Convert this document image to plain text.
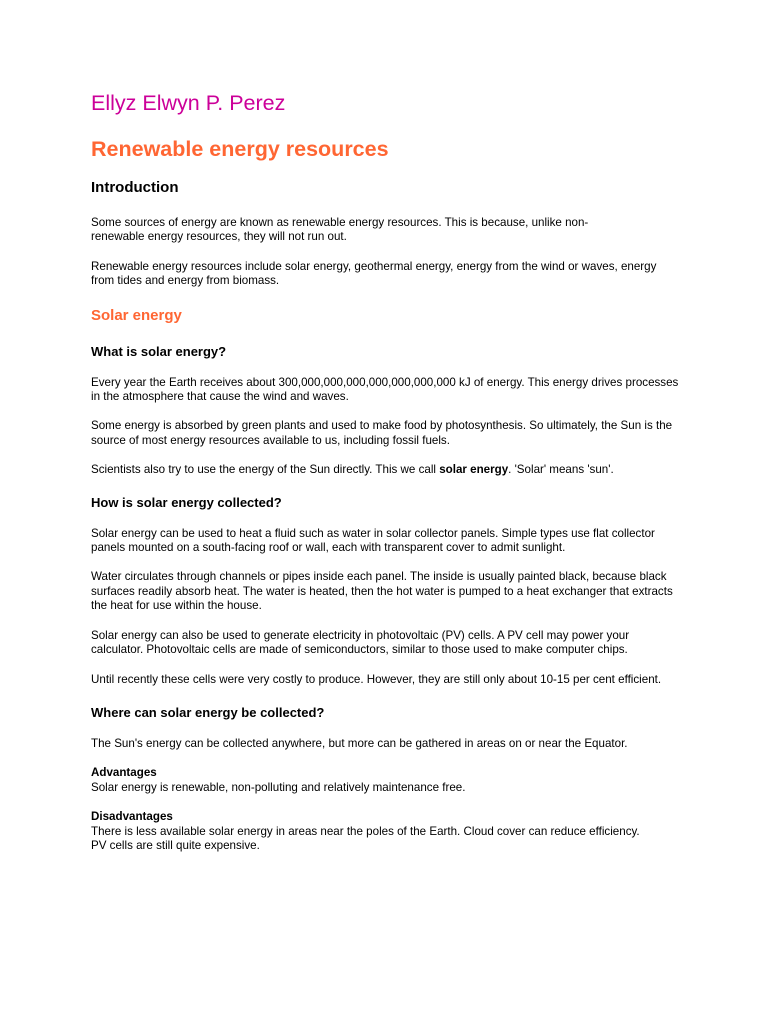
Ellyz Elwyn P. Perez
Renewable energy resources
Introduction

Some sources of energy are known as renewable energy resources. This is because, unlike non-renewable energy resources, they will not run out.

Renewable energy resources include solar energy, geothermal energy, energy from the wind or waves, energy from tides and energy from biomass.

Solar energy
What is solar energy?

Every year the Earth receives about 300,000,000,000,000,000,000,000 kJ of energy. This energy drives processes in the atmosphere that cause the wind and waves.

Some energy is absorbed by green plants and used to make food by photosynthesis. So ultimately, the Sun is the source of most energy resources available to us, including fossil fuels.

Scientists also try to use the energy of the Sun directly. This we call solar energy. 'Solar' means 'sun'.

How is solar energy collected?

Solar energy can be used to heat a fluid such as water in solar collector panels. Simple types use flat collector panels mounted on a south-facing roof or wall, each with transparent cover to admit sunlight.

Water circulates through channels or pipes inside each panel. The inside is usually painted black, because black surfaces readily absorb heat. The water is heated, then the hot water is pumped to a heat exchanger that extracts the heat for use within the house.

Solar energy can also be used to generate electricity in photovoltaic (PV) cells. A PV cell may power your calculator. Photovoltaic cells are made of semiconductors, similar to those used to make computer chips.

Until recently these cells were very costly to produce. However, they are still only about 10-15 per cent efficient.

Where can solar energy be collected?

The Sun's energy can be collected anywhere, but more can be gathered in areas on or near the Equator.

Advantages

Solar energy is renewable, non-polluting and relatively maintenance free.

Disadvantages

There is less available solar energy in areas near the poles of the Earth. Cloud cover can reduce efficiency. PV cells are still quite expensive.
